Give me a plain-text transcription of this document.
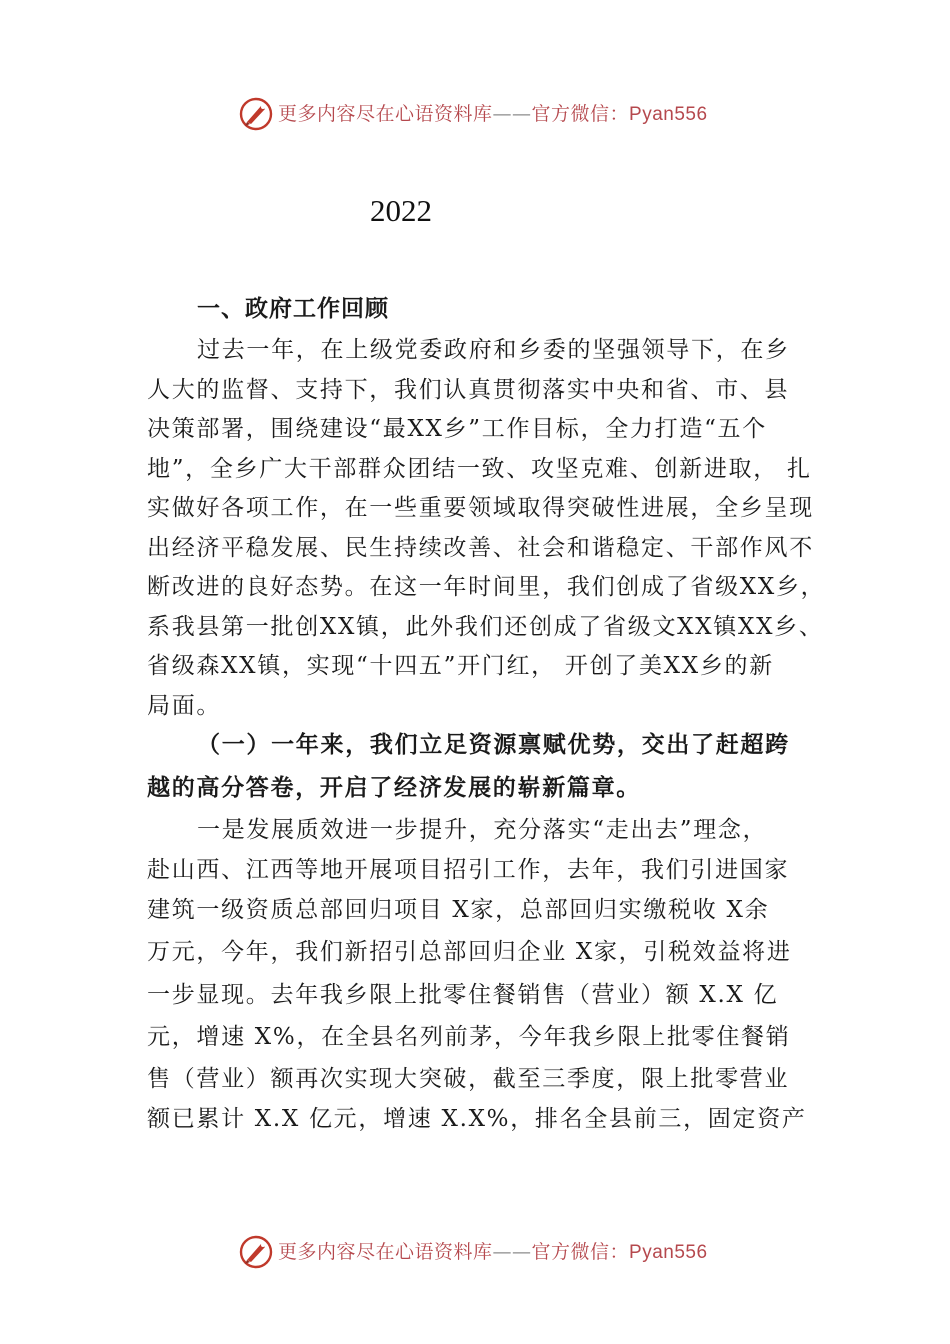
更多内容尽在心语资料库——官方微信：Pyan556
2022
一、政府工作回顾
过去一年，在上级党委政府和乡委的坚强领导下，在乡
人大的监督、支持下，我们认真贯彻落实中央和省、市、县
决策部署，围绕建设“最XX乡”工作目标，全力打造“五个
地”，全乡广大干部群众团结一致、攻坚克难、创新进取， 扎
实做好各项工作，在一些重要领域取得突破性进展，全乡呈现
出经济平稳发展、民生持续改善、社会和谐稳定、干部作风不
断改进的良好态势。在这一年时间里，我们创成了省级XX乡，
系我县第一批创XX镇，此外我们还创成了省级文XX镇XX乡、
省级森XX镇，实现“十四五”开门红， 开创了美XX乡的新
局面。
（一）一年来，我们立足资源禀赋优势，交出了赶超跨
越的高分答卷，开启了经济发展的崭新篇章。
一是发展质效进一步提升，充分落实“走出去”理念，
赴山西、江西等地开展项目招引工作，去年，我们引进国家
建筑一级资质总部回归项目 X家，总部回归实缴税收 X余
万元，今年，我们新招引总部回归企业 X家，引税效益将进
一步显现。去年我乡限上批零住餐销售（营业）额 X.X 亿
元，增速 X%，在全县名列前茅，今年我乡限上批零住餐销
售（营业）额再次实现大突破，截至三季度，限上批零营业
额已累计 X.X 亿元，增速 X.X%，排名全县前三，固定资产
更多内容尽在心语资料库——官方微信：Pyan556
